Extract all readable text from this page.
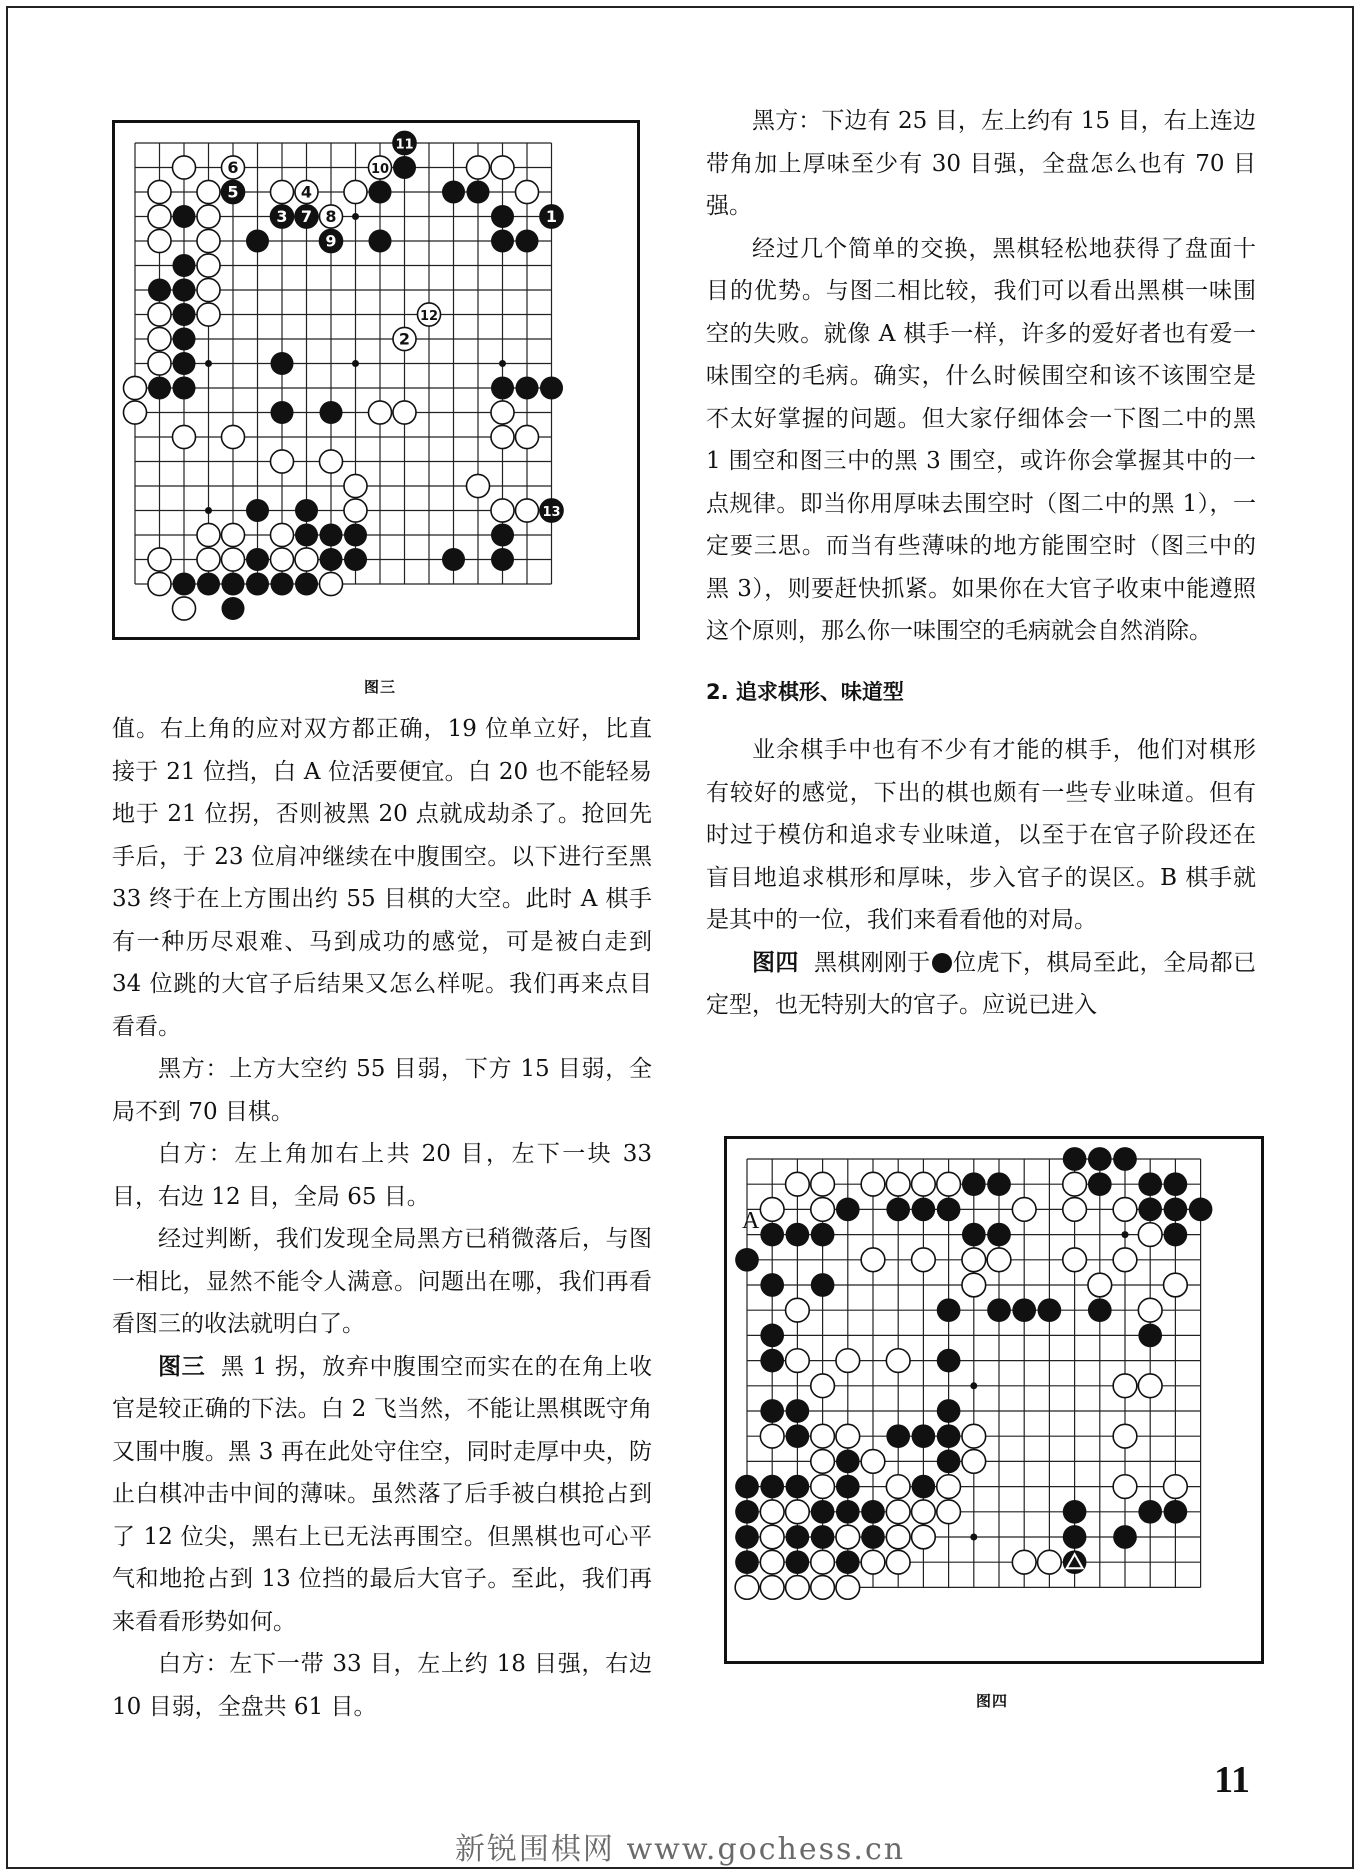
11
10
6
5	4
3 7 8
9
1
12
2
13
图三
A
图四

值。右上角的应对双方都正确，19 位单立好，比直接于 21 位挡，白 A 位活要便宜。白 20 也不能轻易地于 21 位拐，否则被黑 20 点就成劫杀了。抢回先手后，于 23 位肩冲继续在中腹围空。以下进行至黑 33 终于在上方围出约 55 目棋的大空。此时 A 棋手有一种历尽艰难、马到成功的感觉，可是被白走到 34 位跳的大官子后结果又怎么样呢。我们再来点目看看。

黑方：上方大空约 55 目弱，下方 15 目弱，全局不到 70 目棋。

白方：左上角加右上共 20 目，左下一块 33 目，右边 12 目，全局 65 目。

经过判断，我们发现全局黑方已稍微落后，与图一相比，显然不能令人满意。问题出在哪，我们再看看图三的收法就明白了。

图三 黑 1 拐，放弃中腹围空而实在的在角上收官是较正确的下法。白 2 飞当然，不能让黑棋既守角又围中腹。黑 3 再在此处守住空，同时走厚中央，防止白棋冲击中间的薄味。虽然落了后手被白棋抢占到了 12 位尖，黑右上已无法再围空。但黑棋也可心平气和地抢占到 13 位挡的最后大官子。至此，我们再来看看形势如何。

白方：左下一带 33 目，左上约 18 目强，右边 10 目弱，全盘共 61 目。

黑方：下边有 25 目，左上约有 15 目，右上连边带角加上厚味至少有 30 目强，全盘怎么也有 70 目强。

经过几个简单的交换，黑棋轻松地获得了盘面十目的优势。与图二相比较，我们可以看出黑棋一味围空的失败。就像 A 棋手一样，许多的爱好者也有爱一味围空的毛病。确实，什么时候围空和该不该围空是不太好掌握的问题。但大家仔细体会一下图二中的黑 1 围空和图三中的黑 3 围空，或许你会掌握其中的一点规律。即当你用厚味去围空时（图二中的黑 1），一定要三思。而当有些薄味的地方能围空时（图三中的黑 3），则要赶快抓紧。如果你在大官子收束中能遵照这个原则，那么你一味围空的毛病就会自然消除。

2. 追求棋形、味道型

业余棋手中也有不少有才能的棋手，他们对棋形有较好的感觉，下出的棋也颇有一些专业味道。但有时过于模仿和追求专业味道，以至于在官子阶段还在盲目地追求棋形和厚味，步入官子的误区。B 棋手就是其中的一位，我们来看看他的对局。

图四 黑棋刚刚于 位虎下，棋局至此，全局都已定型，也无特别大的官子。应说已进入

11
新锐围棋网 www.gochess.cn
